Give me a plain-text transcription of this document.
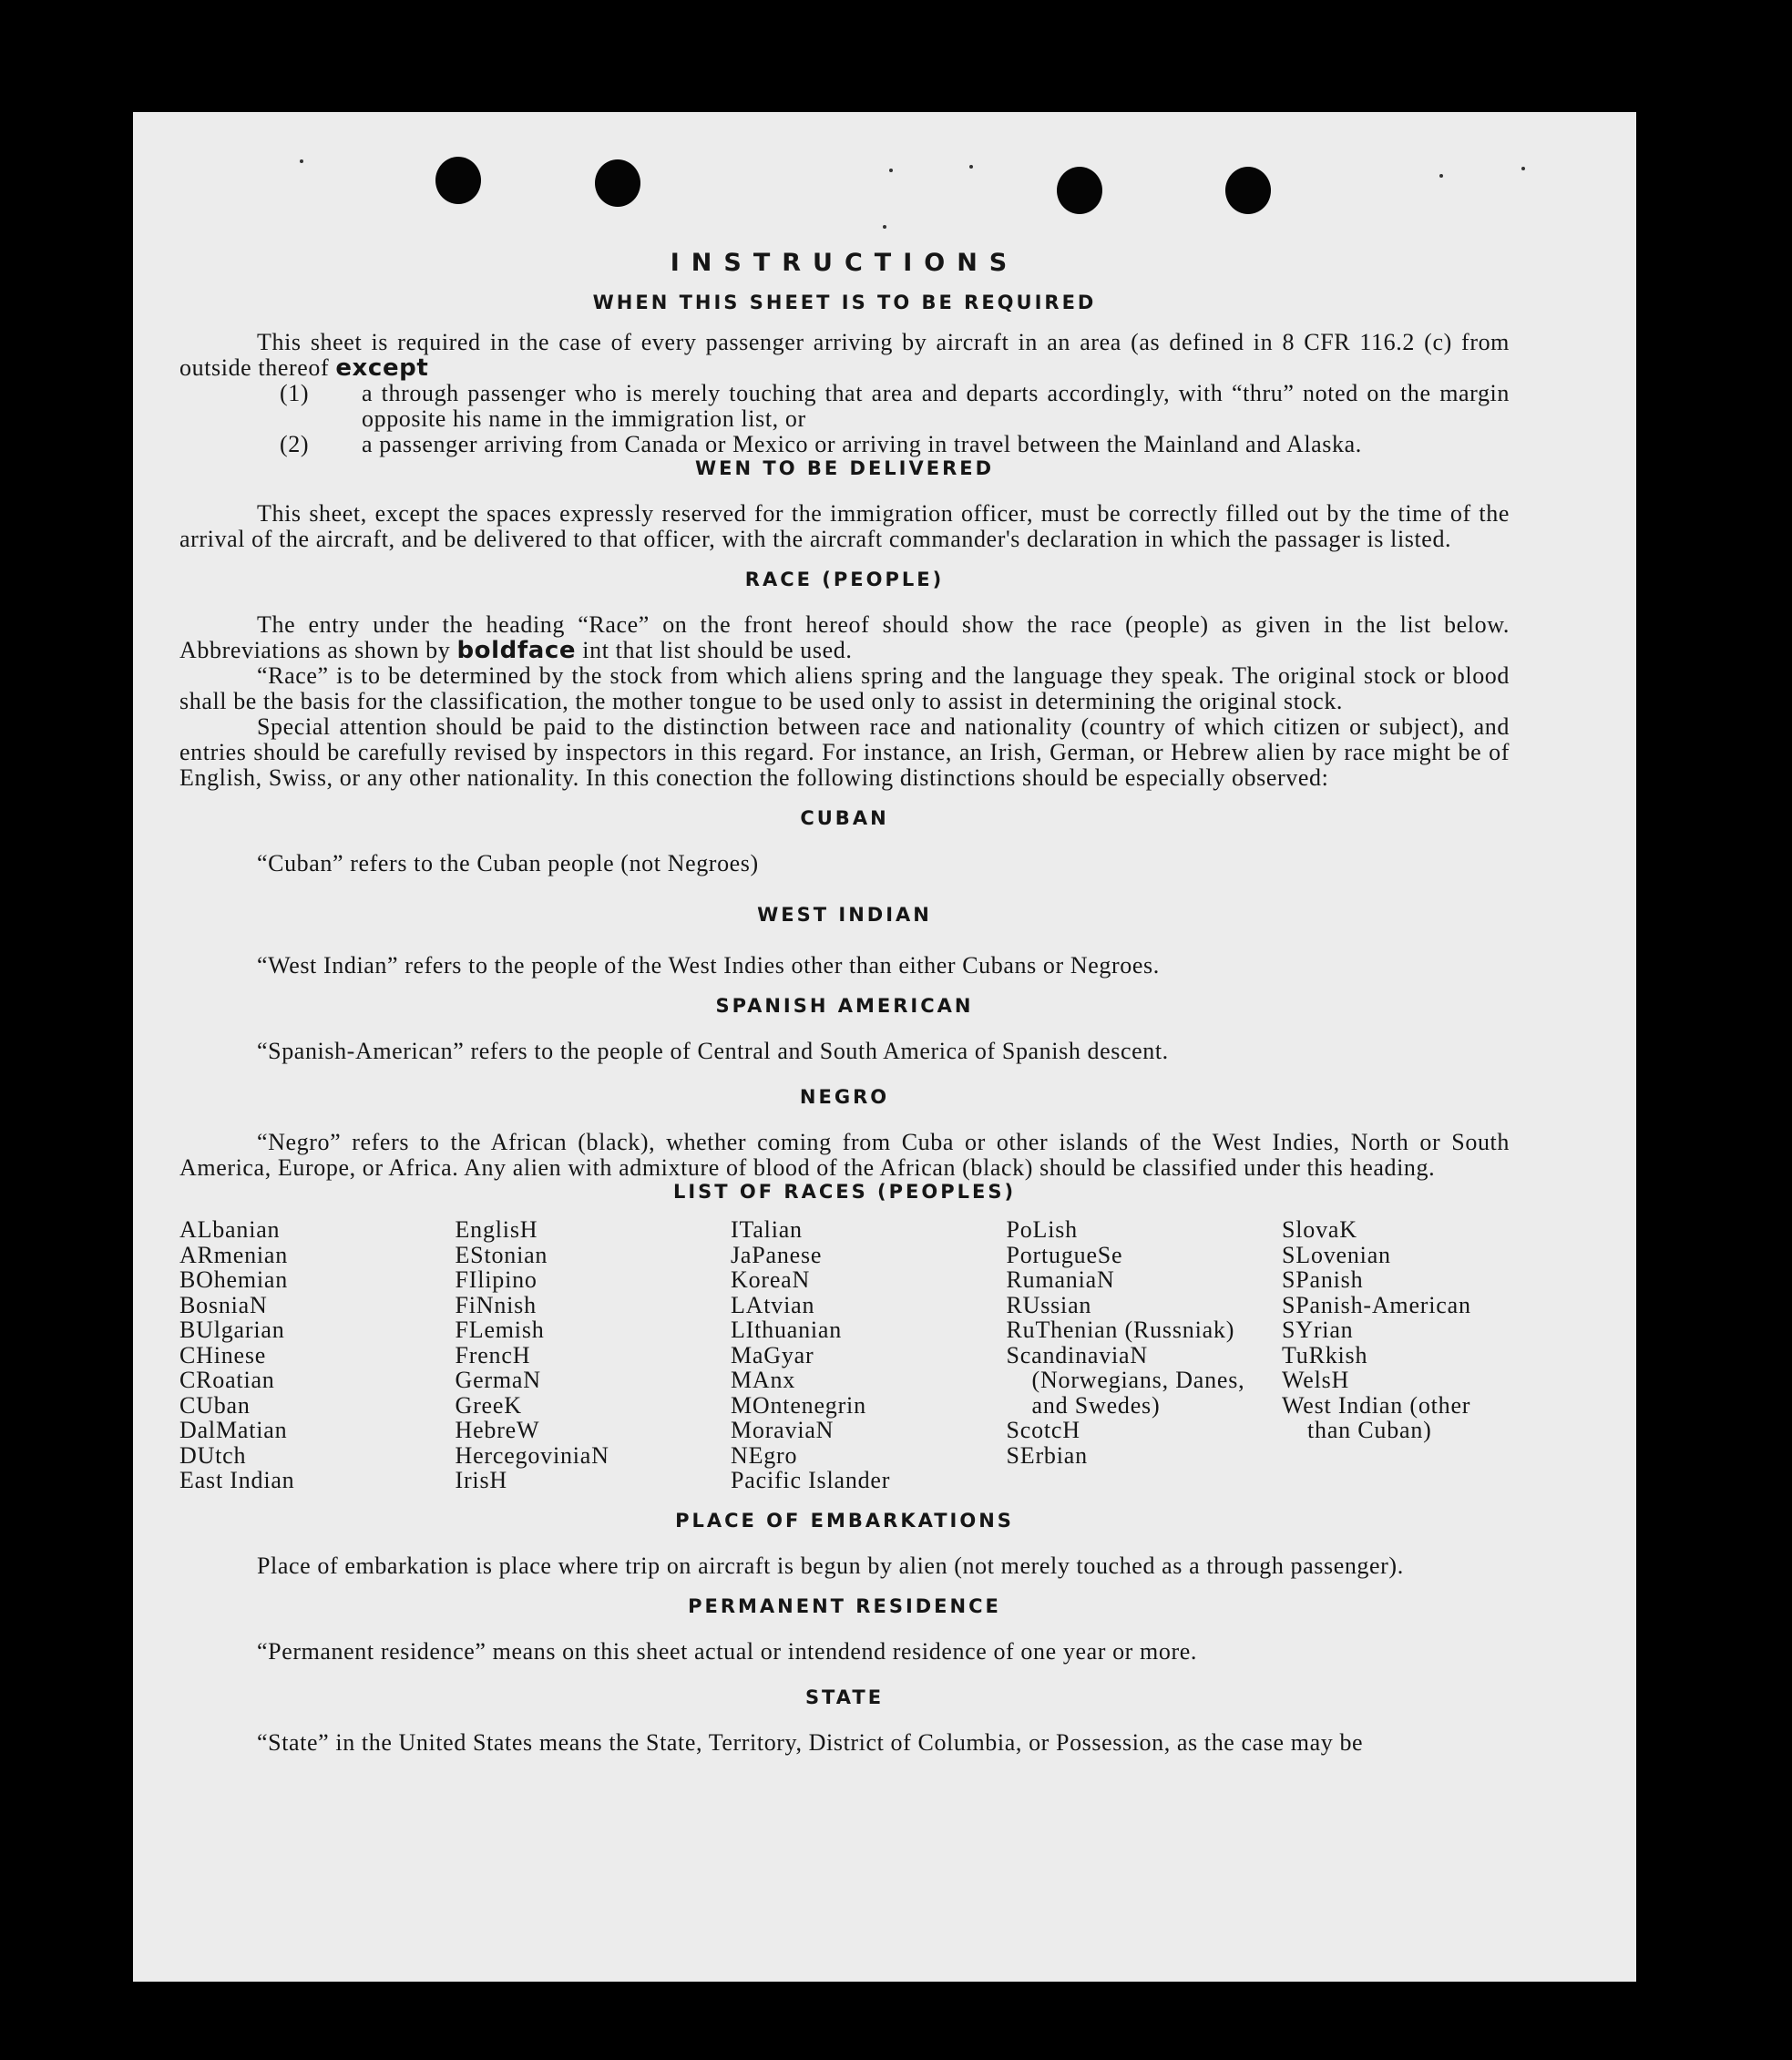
INSTRUCTIONS
WHEN THIS SHEET IS TO BE REQUIRED

This sheet is required in the case of every passenger arriving by aircraft in an area (as defined in 8 CFR 116.2 (c) from outside thereof except

(1) a through passenger who is merely touching that area and departs accordingly, with “thru” noted on the margin opposite his name in the immigration list, or
(2) a passenger arriving from Canada or Mexico or arriving in travel between the Mainland and Alaska.
WEN TO BE DELIVERED

This sheet, except the spaces expressly reserved for the immigration officer, must be correctly filled out by the time of the arrival of the aircraft, and be delivered to that officer, with the aircraft commander's declaration in which the passager is listed.

RACE (PEOPLE)

The entry under the heading “Race” on the front hereof should show the race (people) as given in the list below. Abbreviations as shown by boldface int that list should be used.

“Race” is to be determined by the stock from which aliens spring and the language they speak. The original stock or blood shall be the basis for the classification, the mother tongue to be used only to assist in determining the original stock.

Special attention should be paid to the distinction between race and nationality (country of which citizen or subject), and entries should be carefully revised by inspectors in this regard. For instance, an Irish, German, or Hebrew alien by race might be of English, Swiss, or any other nationality. In this conection the following distinctions should be especially observed:

CUBAN

“Cuban” refers to the Cuban people (not Negroes)

WEST INDIAN

“West Indian” refers to the people of the West Indies other than either Cubans or Negroes.

SPANISH AMERICAN

“Spanish-American” refers to the people of Central and South America of Spanish descent.

NEGRO

“Negro” refers to the African (black), whether coming from Cuba or other islands of the West Indies, North or South America, Europe, or Africa. Any alien with admixture of blood of the African (black) should be classified under this heading.

LIST OF RACES (PEOPLES)
ALbanian
ARmenian
BOhemian
BosniaN
BUlgarian
CHinese
CRoatian
CUban
DalMatian
DUtch
East Indian
EnglisH
EStonian
FIlipino
FiNnish
FLemish
FrencH
GermaN
GreeK
HebreW
HercegoviniaN
IrisH
ITalian
JaPanese
KoreaN
LAtvian
LIthuanian
MaGyar
MAnx
MOntenegrin
MoraviaN
NEgro
Pacific Islander
PoLish
PortugueSe
RumaniaN
RUssian
RuThenian (Russniak)
ScandinaviaN (Norwegians, Danes, and Swedes)
ScotcH
SErbian
SlovaK
SLovenian
SPanish
SPanish-American
SYrian
TuRkish
WelsH
West Indian (other than Cuban)
PLACE OF EMBARKATIONS

Place of embarkation is place where trip on aircraft is begun by alien (not merely touched as a through passenger).

PERMANENT RESIDENCE

“Permanent residence” means on this sheet actual or intendend residence of one year or more.

STATE

“State” in the United States means the State, Territory, District of Columbia, or Possession, as the case may be
